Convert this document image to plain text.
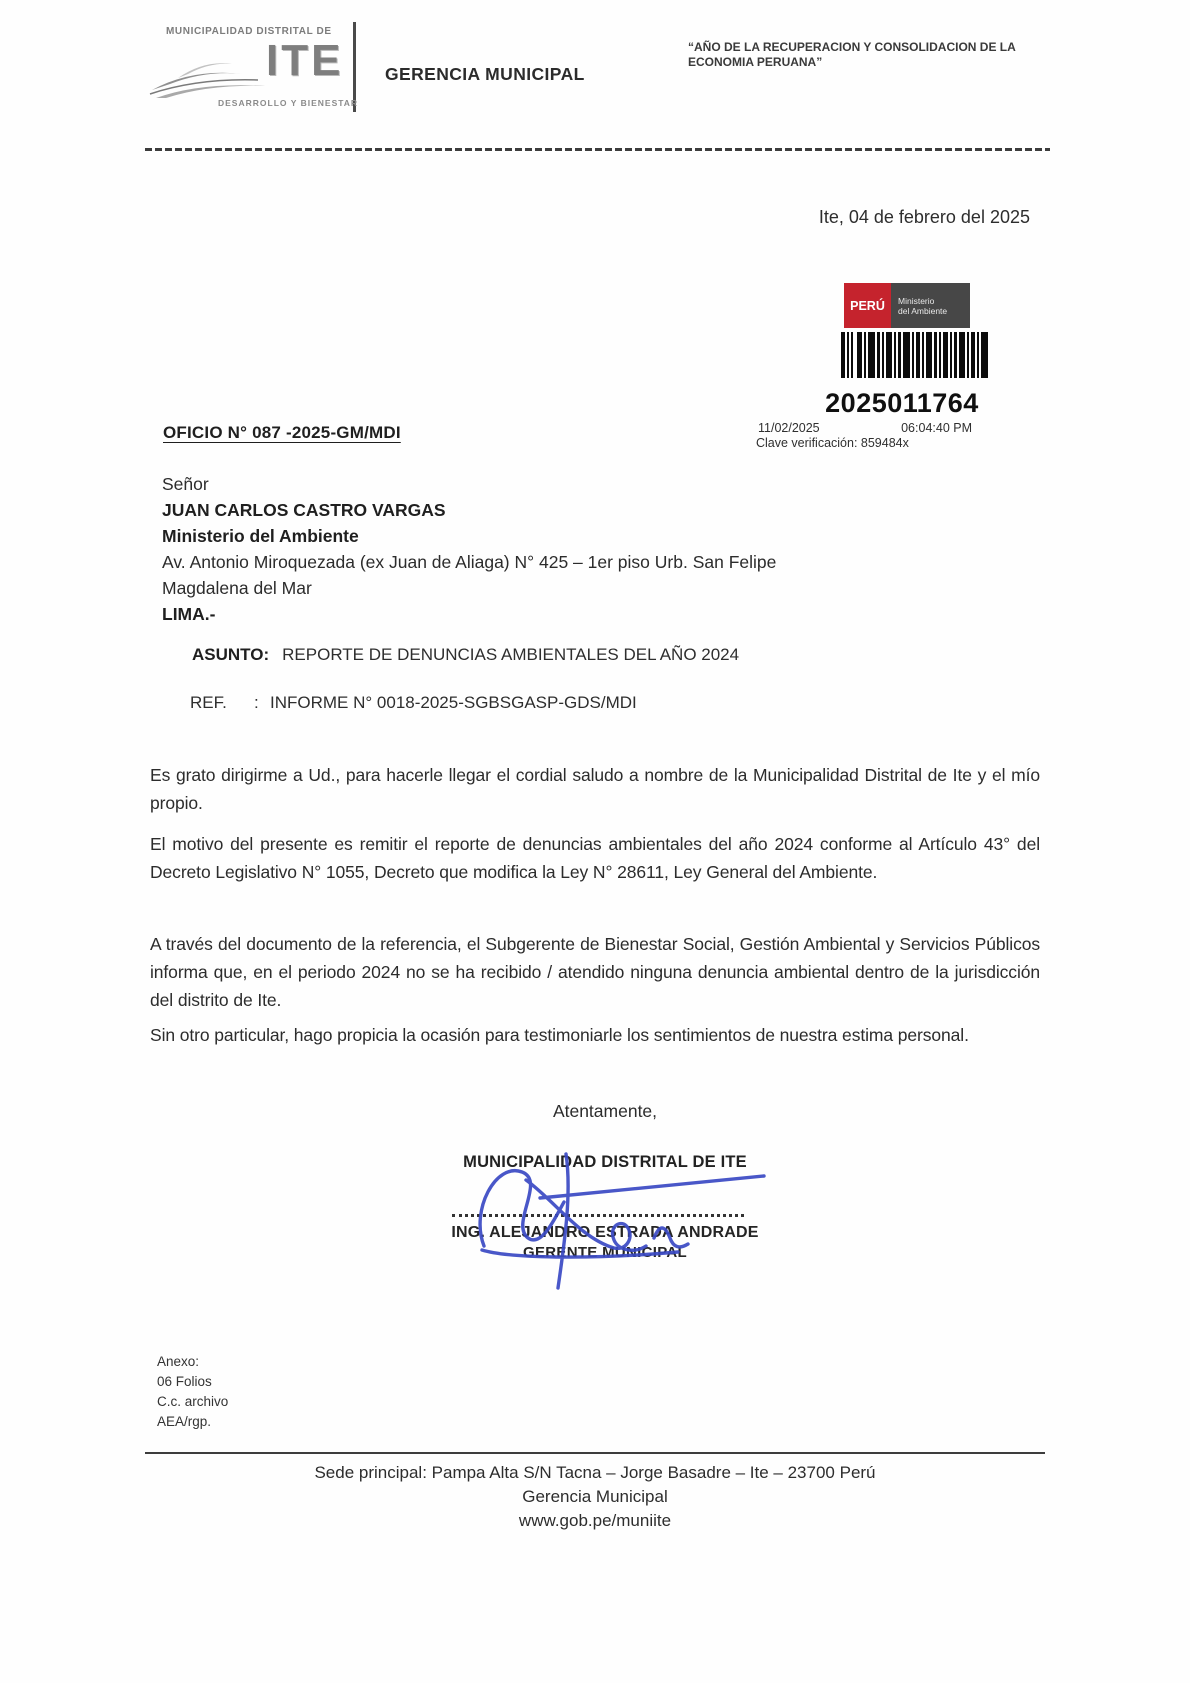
MUNICIPALIDAD DISTRITAL DE
ITE
DESARROLLO Y BIENESTAR
GERENCIA MUNICIPAL
“AÑO DE LA RECUPERACION Y CONSOLIDACION DE LA ECONOMIA PERUANA”
Ite, 04 de febrero del 2025
PERÚ	Ministerio
del Ambiente
2025011764
11/02/2025	06:04:40 PM
Clave verificación: 859484x
OFICIO N° 087 -2025-GM/MDI
Señor
JUAN CARLOS CASTRO VARGAS
Ministerio del Ambiente
Av. Antonio Miroquezada (ex Juan de Aliaga) N° 425 – 1er piso Urb. San Felipe
Magdalena del Mar
LIMA.-
ASUNTO: REPORTE DE DENUNCIAS AMBIENTALES DEL AÑO 2024
REF.	: INFORME N° 0018-2025-SGBSGASP-GDS/MDI
Es grato dirigirme a Ud., para hacerle llegar el cordial saludo a nombre de la Municipalidad Distrital de Ite y el mío propio.
El motivo del presente es remitir el reporte de denuncias ambientales del año 2024 conforme al Artículo 43° del Decreto Legislativo N° 1055, Decreto que modifica la Ley N° 28611, Ley General del Ambiente.
A través del documento de la referencia, el Subgerente de Bienestar Social, Gestión Ambiental y Servicios Públicos informa que, en el periodo 2024 no se ha recibido / atendido ninguna denuncia ambiental dentro de la jurisdicción del distrito de Ite.
Sin otro particular, hago propicia la ocasión para testimoniarle los sentimientos de nuestra estima personal.
Atentamente,
MUNICIPALIDAD DISTRITAL DE ITE
ING. ALEJANDRO ESTRADA ANDRADE
GERENTE MUNICIPAL
Anexo:
06 Folios
C.c. archivo
AEA/rgp.
Sede principal: Pampa Alta S/N Tacna – Jorge Basadre – Ite – 23700 Perú
Gerencia Municipal
www.gob.pe/muniite
